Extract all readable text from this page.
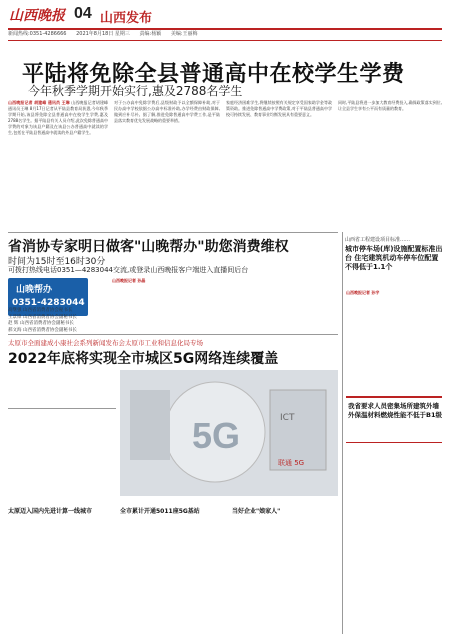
山西晚报 04 山西发布
新闻热线:0351-4286666 2021年8月18日 星期三 责编:杨颖 美编:王丽梅
平陆将免除全县普通高中在校学生学费
今年秋季学期开始实行,惠及2788名学生
山西晚报记者 胡建峰 通讯员 王琳 山西晚报记者胡建峰通讯员王琳 8月17日记者从平陆县教育局获悉,今年秋季学期开始,该县将免除全县普通高中在校学生学费,惠及2788名学生。据平陆县有关人员介绍,此次免除普通高中学费的对象为该县户籍及在该县公办普通高中就读的学生,包括在平陆县普通高中就读的外县户籍学生。
对于公办高中免除学费后,县级财政予以全额保障补助,对于民办高中学校依据公办高中标准补助,办学经费由财政保障,做到应补尽补。据了解,推进免除普通高中学费工作,是平陆县落实教育优先发展战略的重要举措。
家庭经济困难学生,将继续按照有关规定享受国家助学金等政策资助。推进免除普通高中学费政策,对于平陆县普通高中学校可持续发展、教育事业均衡发展具有重要意义。
同时,平陆县将进一步加大教育经费投入,确保政策落实到位,让全县学生享有公平而有质量的教育。
省消协专家明日做客"山晚帮办"助您消费维权
时间为15时至16时30分
可拨打热线电话0351—4283044交流,或登录山西晚报客户端进入直播间后台
山晚帮办
0351-4283044
高继强 山西省消费者协会秘书长
王景锋 山西省消费者协会副秘书长
赵 辉 山西省消费者协会副秘书长
郝文海 山西省消费者协会副秘书长
山西晚报记者 孙晶
太原市全面建成小康社会系列新闻发布会太原市工业和信息化局专场
2022年底将实现全市城区5G网络连续覆盖
5G	ICT
联通 5G
太原迈入国内先进计算一线城市	全市累计开通5011座5G基站	当好企业"娘家人"
山西省工程建设项目标准……
城市停车场(库)设施配置标准出台 住宅建筑机动车停车位配置不得低于1.1个
山西晚报记者 孙宇
我省要求人员密集场所建筑外墙外保温材料燃烧性能不低于B1级
